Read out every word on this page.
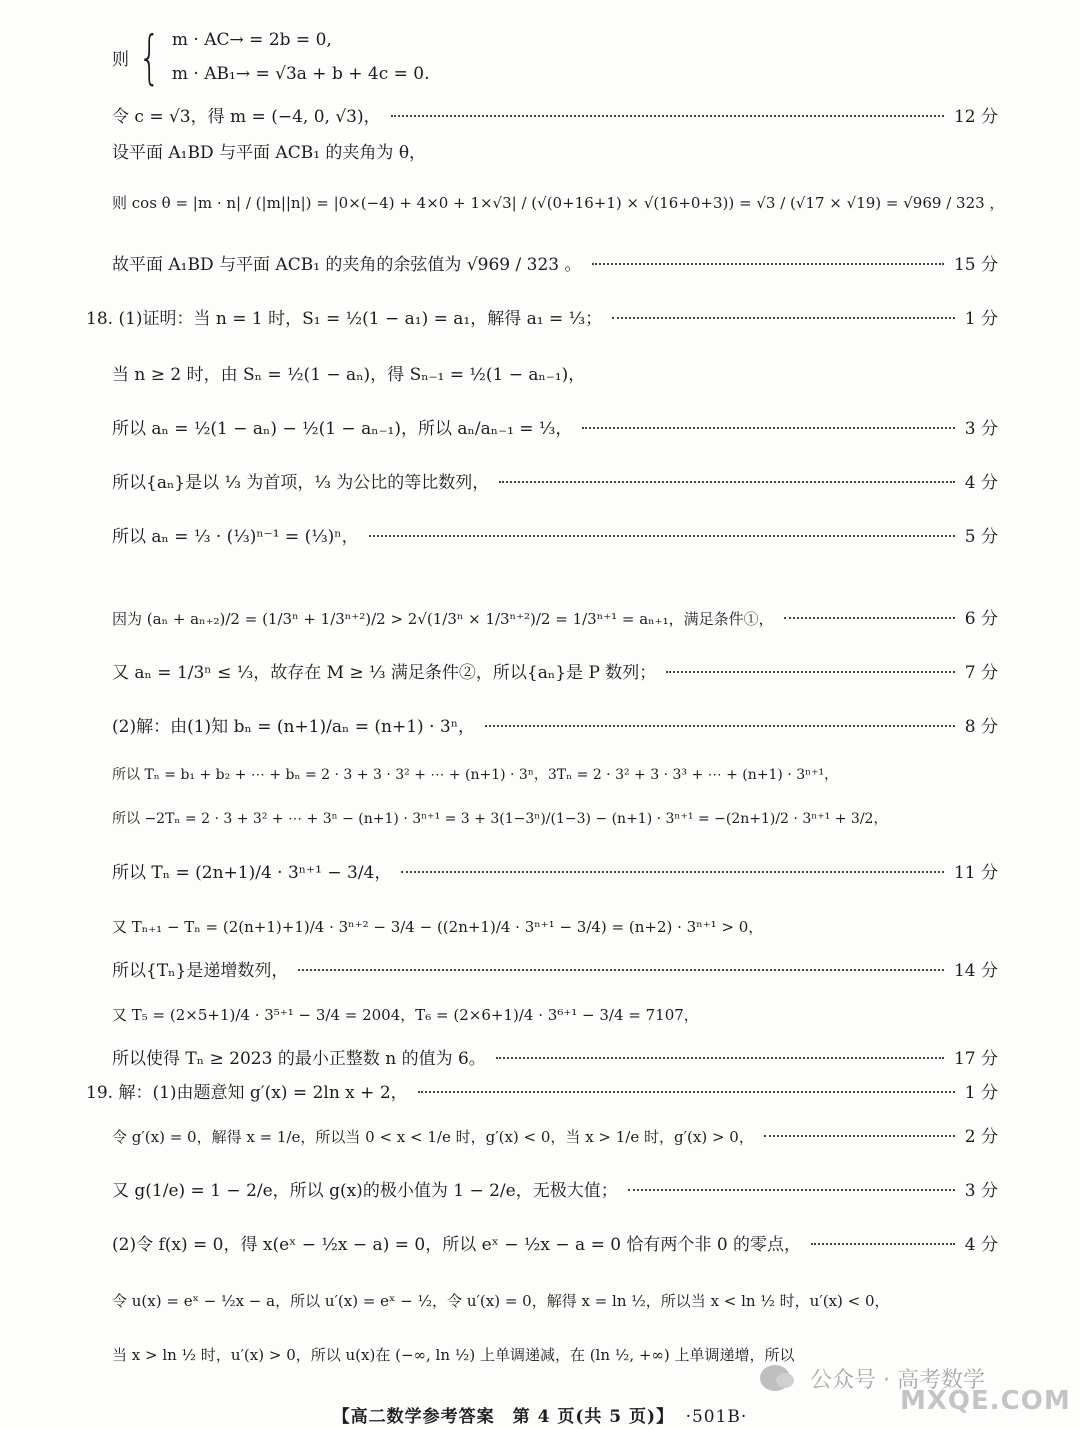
则 { m · AC→ = 2b = 0,
m · AB₁→ = √3a + b + 4c = 0.
令 c = √3，得 m = (−4, 0, √3)，	12 分
设平面 A₁BD 与平面 ACB₁ 的夹角为 θ，
则 cos θ = |m · n| / (|m||n|) = |0×(−4) + 4×0 + 1×√3| / (√(0+16+1) × √(16+0+3)) = √3 / (√17 × √19) = √969 / 323 ，
故平面 A₁BD 与平面 ACB₁ 的夹角的余弦值为 √969 / 323 。	15 分
18. (1)证明：当 n = 1 时，S₁ = ½(1 − a₁) = a₁，解得 a₁ = ⅓；	1 分
当 n ≥ 2 时，由 Sₙ = ½(1 − aₙ)，得 Sₙ₋₁ = ½(1 − aₙ₋₁)，
所以 aₙ = ½(1 − aₙ) − ½(1 − aₙ₋₁)，所以 aₙ/aₙ₋₁ = ⅓，	3 分
所以{aₙ}是以 ⅓ 为首项，⅓ 为公比的等比数列，	4 分
所以 aₙ = ⅓ · (⅓)ⁿ⁻¹ = (⅓)ⁿ，	5 分
因为 (aₙ + aₙ₊₂)/2 = (1/3ⁿ + 1/3ⁿ⁺²)/2 > 2√(1/3ⁿ × 1/3ⁿ⁺²)/2 = 1/3ⁿ⁺¹ = aₙ₊₁，满足条件①，	6 分
又 aₙ = 1/3ⁿ ≤ ⅓，故存在 M ≥ ⅓ 满足条件②，所以{aₙ}是 P 数列；	7 分
(2)解：由(1)知 bₙ = (n+1)/aₙ = (n+1) · 3ⁿ，	8 分
所以 Tₙ = b₁ + b₂ + ⋯ + bₙ = 2 · 3 + 3 · 3² + ⋯ + (n+1) · 3ⁿ，3Tₙ = 2 · 3² + 3 · 3³ + ⋯ + (n+1) · 3ⁿ⁺¹，
所以 −2Tₙ = 2 · 3 + 3² + ⋯ + 3ⁿ − (n+1) · 3ⁿ⁺¹ = 3 + 3(1−3ⁿ)/(1−3) − (n+1) · 3ⁿ⁺¹ = −(2n+1)/2 · 3ⁿ⁺¹ + 3/2，
所以 Tₙ = (2n+1)/4 · 3ⁿ⁺¹ − 3/4，	11 分
又 Tₙ₊₁ − Tₙ = (2(n+1)+1)/4 · 3ⁿ⁺² − 3/4 − ((2n+1)/4 · 3ⁿ⁺¹ − 3/4) = (n+2) · 3ⁿ⁺¹ > 0，
所以{Tₙ}是递增数列，	14 分
又 T₅ = (2×5+1)/4 · 3⁵⁺¹ − 3/4 = 2004，T₆ = (2×6+1)/4 · 3⁶⁺¹ − 3/4 = 7107，
所以使得 Tₙ ≥ 2023 的最小正整数 n 的值为 6。	17 分
19. 解：(1)由题意知 g′(x) = 2ln x + 2，	1 分
令 g′(x) = 0，解得 x = 1/e，所以当 0 < x < 1/e 时，g′(x) < 0，当 x > 1/e 时，g′(x) > 0，	2 分
又 g(1/e) = 1 − 2/e，所以 g(x)的极小值为 1 − 2/e，无极大值；	3 分
(2)令 f(x) = 0，得 x(eˣ − ½x − a) = 0，所以 eˣ − ½x − a = 0 恰有两个非 0 的零点，	4 分
令 u(x) = eˣ − ½x − a，所以 u′(x) = eˣ − ½，令 u′(x) = 0，解得 x = ln ½，所以当 x < ln ½ 时，u′(x) < 0，
当 x > ln ½ 时，u′(x) > 0，所以 u(x)在 (−∞, ln ½) 上单调递减，在 (ln ½, +∞) 上单调递增，所以
公众号 · 高考数学
MXQE.COM
【高二数学参考答案　第 4 页(共 5 页)】 ·501B·
